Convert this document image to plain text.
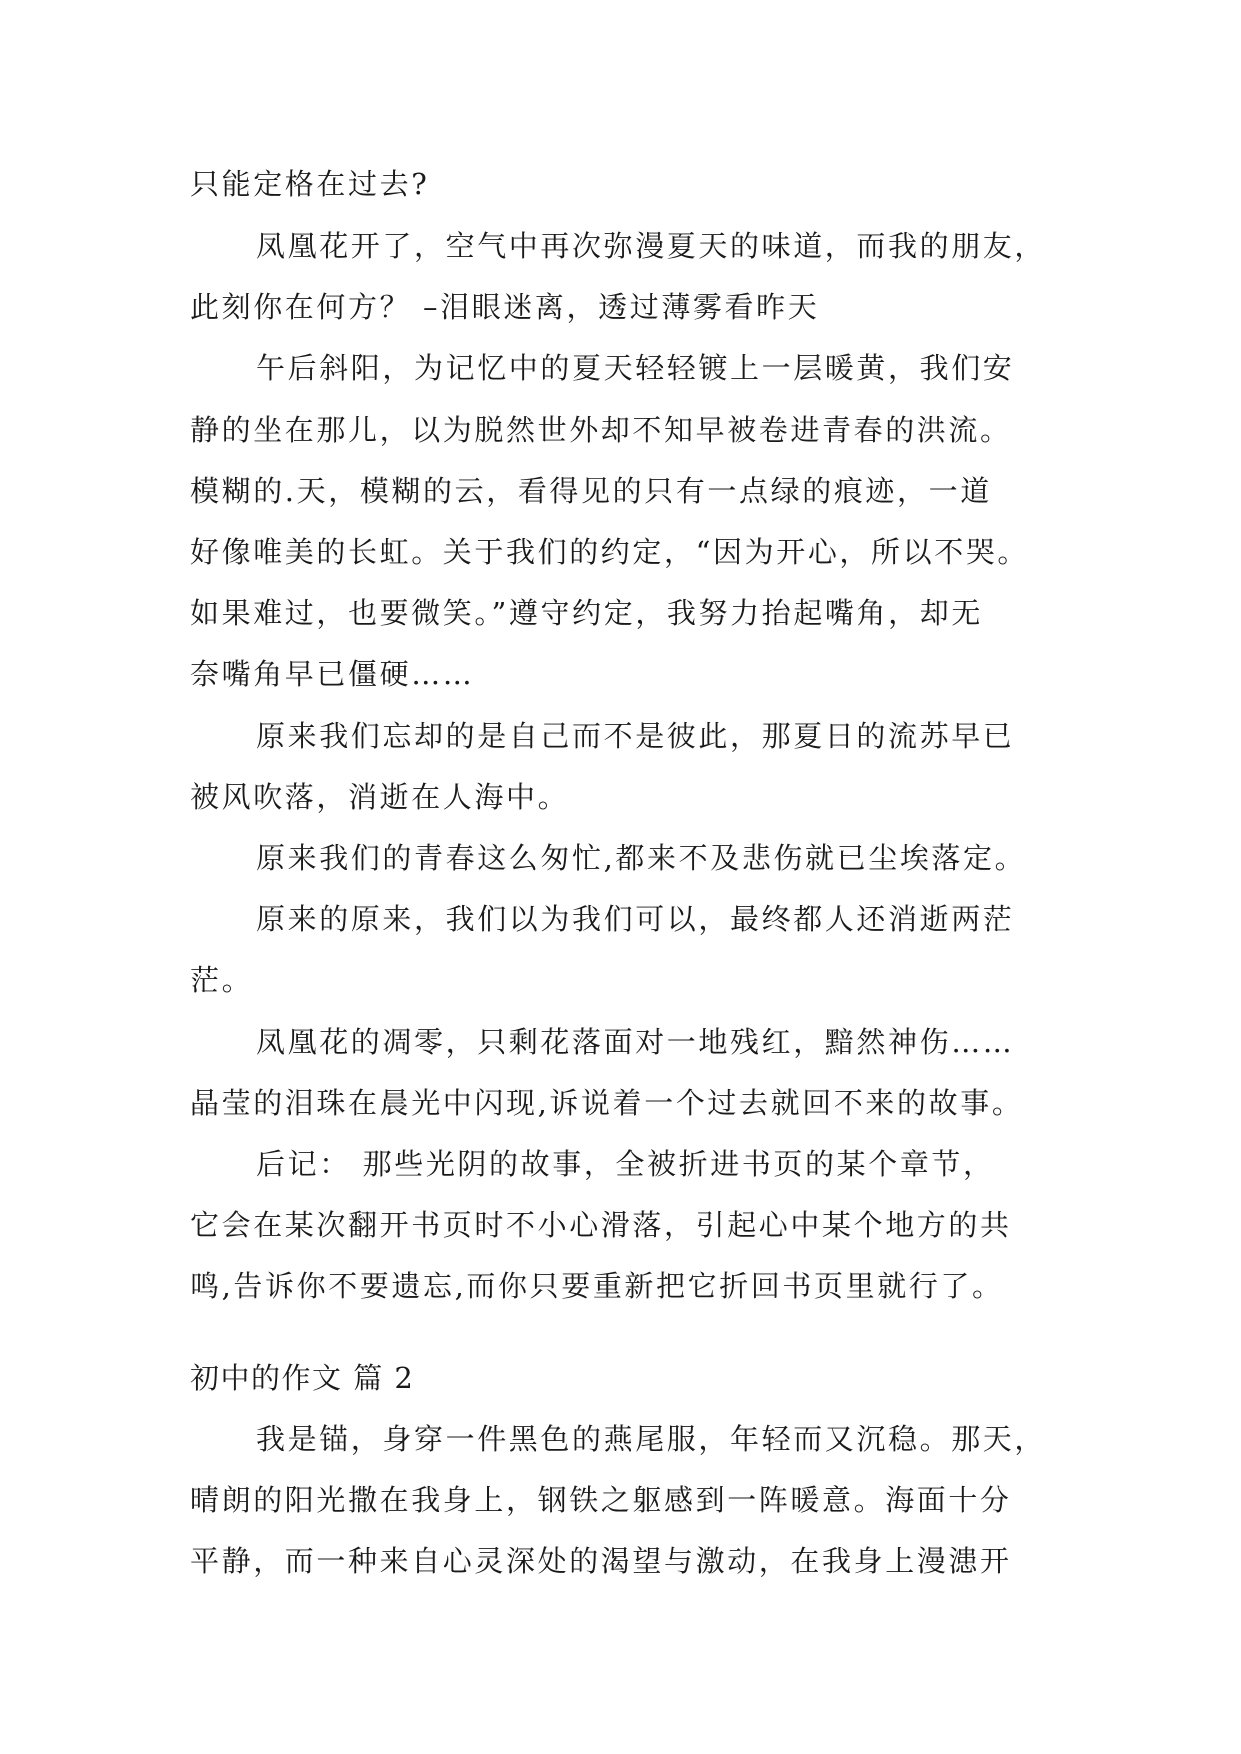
只能定格在过去?
凤凰花开了，空气中再次弥漫夏天的味道，而我的朋友，
此刻你在何方？ –泪眼迷离，透过薄雾看昨天
午后斜阳，为记忆中的夏天轻轻镀上一层暖黄，我们安
静的坐在那儿，以为脱然世外却不知早被卷进青春的洪流。
模糊的.天，模糊的云，看得见的只有一点绿的痕迹，一道
好像唯美的长虹。关于我们的约定，“因为开心，所以不哭。
如果难过，也要微笑。”遵守约定，我努力抬起嘴角，却无
奈嘴角早已僵硬……
原来我们忘却的是自己而不是彼此，那夏日的流苏早已
被风吹落，消逝在人海中。
原来我们的青春这么匆忙,都来不及悲伤就已尘埃落定。
原来的原来，我们以为我们可以，最终都人还消逝两茫
茫。
凤凰花的凋零，只剩花落面对一地残红，黯然神伤……
晶莹的泪珠在晨光中闪现,诉说着一个过去就回不来的故事。
后记： 那些光阴的故事，全被折进书页的某个章节，
它会在某次翻开书页时不小心滑落，引起心中某个地方的共
鸣,告诉你不要遗忘,而你只要重新把它折回书页里就行了。
初中的作文 篇 2
我是锚，身穿一件黑色的燕尾服，年轻而又沉稳。那天，
晴朗的阳光撒在我身上，钢铁之躯感到一阵暖意。海面十分
平静，而一种来自心灵深处的渴望与激动，在我身上漫漶开
